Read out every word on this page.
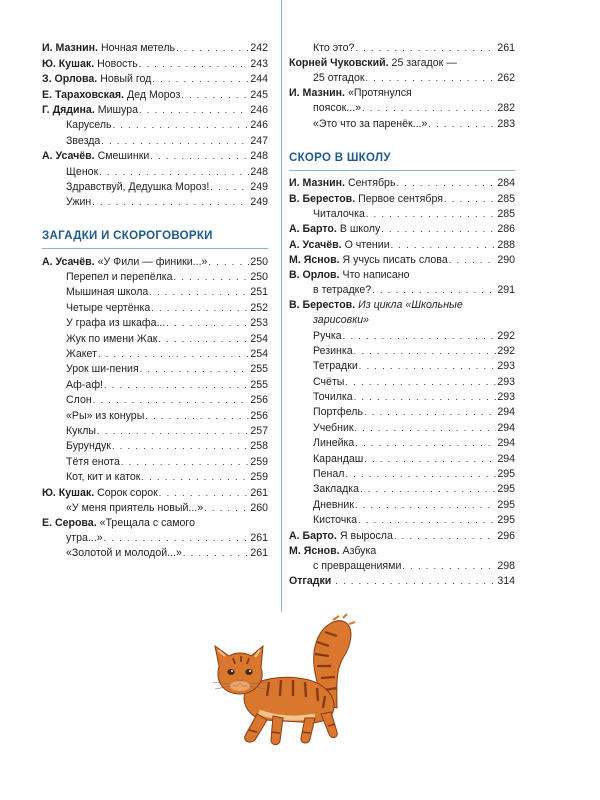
И. Мазнин. Ночная метель . . .	242
Ю. Кушак. Новость . . .	243
З. Орлова. Новый год . . .	244
Е. Тараховская. Дед Мороз . . .	245
Г. Дядина. Мишура . . .	246
Карусель . . .	246
Звезда . . .	247
А. Усачёв. Смешинки . . .	248
Щенок . . .	248
Здравствуй, Дедушка Мороз! . . .	249
Ужин . . .	249
ЗАГАДКИ И СКОРОГОВОРКИ
А. Усачёв. «У Фили — финики...» . . .	250
Перепел и перепёлка . . .	250
Мышиная школа . . .	251
Четыре чертёнка . . .	252
У графа из шкафа... . . .	253
Жук по имени Жак . . .	254
Жакет . . .	254
Урок ши-пения . . .	255
Аф-аф! . . .	255
Слон . . .	256
«Ры» из конуры . . .	256
Куклы . . .	257
Бурундук . . .	258
Тётя енота . . .	259
Кот, кит и каток . . .	259
Ю. Кушак. Сорок сорок . . .	261
«У меня приятель новый...» . . .	260
Е. Серова. «Трещала с самого
утра...» . . .	261
«Золотой и молодой...» . . .	261
Кто это? . . .	261
Корней Чуковский. 25 загадок —
25 отгадок . . .	262
И. Мазнин. «Протянулся
поясок...» . . .	282
«Это что за паренёк...» . . .	283
СКОРО В ШКОЛУ
И. Мазнин. Сентябрь . . .	284
В. Берестов. Первое сентября . . .	285
Читалочка . . .	285
А. Барто. В школу . . .	286
А. Усачёв. О чтении . . .	288
М. Яснов. Я учусь писать слова . . .	290
В. Орлов. Что написано
в тетрадке? . . .	291
В. Берестов. Из цикла «Школьные
зарисовки»
Ручка . . .	292
Резинка . . .	292
Тетрадки . . .	293
Счёты . . .	293
Точилка . . .	293
Портфель . . .	294
Учебник . . .	294
Линейка . . .	294
Карандаш . . .	294
Пенал . . .	295
Закладка . . .	295
Дневник . . .	295
Кисточка . . .	295
А. Барто. Я выросла . . .	296
М. Яснов. Азбука
с превращениями . . .	298
Отгадки . . .	314
